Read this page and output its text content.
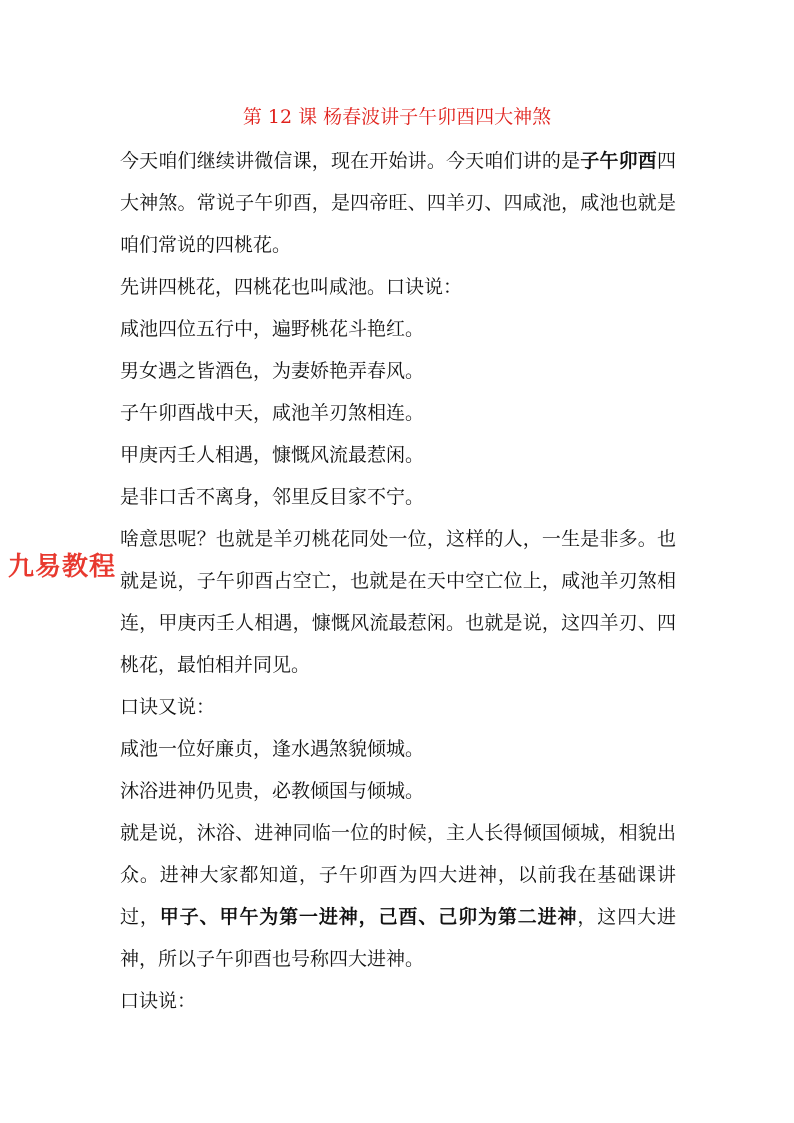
第 12 课 杨春波讲子午卯酉四大神煞

今天咱们继续讲微信课，现在开始讲。今天咱们讲的是子午卯酉四大神煞。常说子午卯酉，是四帝旺、四羊刃、四咸池，咸池也就是咱们常说的四桃花。

先讲四桃花，四桃花也叫咸池。口诀说：

咸池四位五行中，遍野桃花斗艳红。

男女遇之皆酒色，为妻娇艳弄春风。

子午卯酉战中天，咸池羊刃煞相连。

甲庚丙壬人相遇，慷慨风流最惹闲。

是非口舌不离身，邻里反目家不宁。

啥意思呢？也就是羊刃桃花同处一位，这样的人，一生是非多。也就是说，子午卯酉占空亡，也就是在天中空亡位上，咸池羊刃煞相连，甲庚丙壬人相遇，慷慨风流最惹闲。也就是说，这四羊刃、四桃花，最怕相并同见。

口诀又说：

咸池一位好廉贞，逢水遇煞貌倾城。

沐浴进神仍见贵，必教倾国与倾城。

就是说，沐浴、进神同临一位的时候，主人长得倾国倾城，相貌出众。进神大家都知道，子午卯酉为四大进神，以前我在基础课讲过，甲子、甲午为第一进神，己酉、己卯为第二进神，这四大进神，所以子午卯酉也号称四大进神。

口诀说：

九易教程
